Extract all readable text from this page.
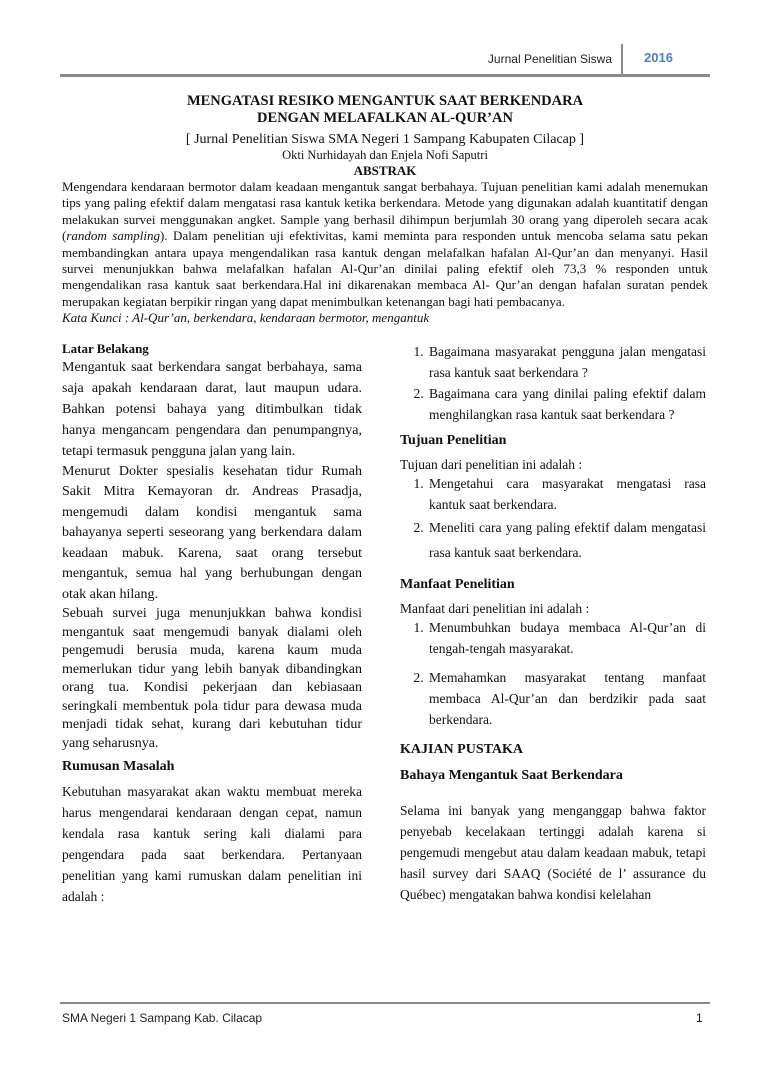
Jurnal Penelitian Siswa 2016
MENGATASI RESIKO MENGANTUK SAAT BERKENDARA
DENGAN MELAFALKAN AL-QUR’AN
[ Jurnal Penelitian Siswa SMA Negeri 1 Sampang Kabupaten Cilacap ]
Okti Nurhidayah dan Enjela Nofi Saputri
ABSTRAK

Mengendara kendaraan bermotor dalam keadaan mengantuk sangat berbahaya. Tujuan penelitian kami adalah menemukan tips yang paling efektif dalam mengatasi rasa kantuk ketika berkendara. Metode yang digunakan adalah kuantitatif dengan melakukan survei menggunakan angket. Sample yang berhasil dihimpun berjumlah 30 orang yang diperoleh secara acak (random sampling). Dalam penelitian uji efektivitas, kami meminta para responden untuk mencoba selama satu pekan membandingkan antara upaya mengendalikan rasa kantuk dengan melafalkan hafalan Al-Qur’an dan menyanyi. Hasil survei menunjukkan bahwa melafalkan hafalan Al-Qur’an dinilai paling efektif oleh 73,3 % responden untuk mengendalikan rasa kantuk saat berkendara.Hal ini dikarenakan membaca Al- Qur’an dengan hafalan suratan pendek merupakan kegiatan berpikir ringan yang dapat menimbulkan ketenangan bagi hati pembacanya.

Kata Kunci : Al-Qur’an, berkendara, kendaraan bermotor, mengantuk

Latar Belakang

Mengantuk saat berkendara sangat berbahaya, sama saja apakah kendaraan darat, laut maupun udara. Bahkan potensi bahaya yang ditimbulkan tidak hanya mengancam pengendara dan penumpangnya, tetapi termasuk pengguna jalan yang lain.

Menurut Dokter spesialis kesehatan tidur Rumah Sakit Mitra Kemayoran dr. Andreas Prasadja, mengemudi dalam kondisi mengantuk sama bahayanya seperti seseorang yang berkendara dalam keadaan mabuk. Karena, saat orang tersebut mengantuk, semua hal yang berhubungan dengan otak akan hilang.

Sebuah survei juga menunjukkan bahwa kondisi mengantuk saat mengemudi banyak dialami oleh pengemudi berusia muda, karena kaum muda memerlukan tidur yang lebih banyak dibandingkan orang tua. Kondisi pekerjaan dan kebiasaan seringkali membentuk pola tidur para dewasa muda menjadi tidak sehat, kurang dari kebutuhan tidur yang seharusnya.

Rumusan Masalah

Kebutuhan masyarakat akan waktu membuat mereka harus mengendarai kendaraan dengan cepat, namun kendala rasa kantuk sering kali dialami para pengendara pada saat berkendara. Pertanyaan penelitian yang kami rumuskan dalam penelitian ini adalah :

1. Bagaimana masyarakat pengguna jalan mengatasi rasa kantuk saat berkendara ?
2. Bagaimana cara yang dinilai paling efektif dalam menghilangkan rasa kantuk saat berkendara ?
Tujuan Penelitian

Tujuan dari penelitian ini adalah :

1. Mengetahui cara masyarakat mengatasi rasa kantuk saat berkendara.
2. Meneliti cara yang paling efektif dalam mengatasi rasa kantuk saat berkendara.
Manfaat Penelitian

Manfaat dari penelitian ini adalah :

1. Menumbuhkan budaya membaca Al-Qur’an di tengah-tengah masyarakat.
2. Memahamkan masyarakat tentang manfaat membaca Al-Qur’an dan berdzikir pada saat berkendara.
KAJIAN PUSTAKA
Bahaya Mengantuk Saat Berkendara

Selama ini banyak yang menganggap bahwa faktor penyebab kecelakaan tertinggi adalah karena si pengemudi mengebut atau dalam keadaan mabuk, tetapi hasil survey dari SAAQ (Société de l’ assurance du Québec) mengatakan bahwa kondisi kelelahan

SMA Negeri 1 Sampang Kab. Cilacap	1
